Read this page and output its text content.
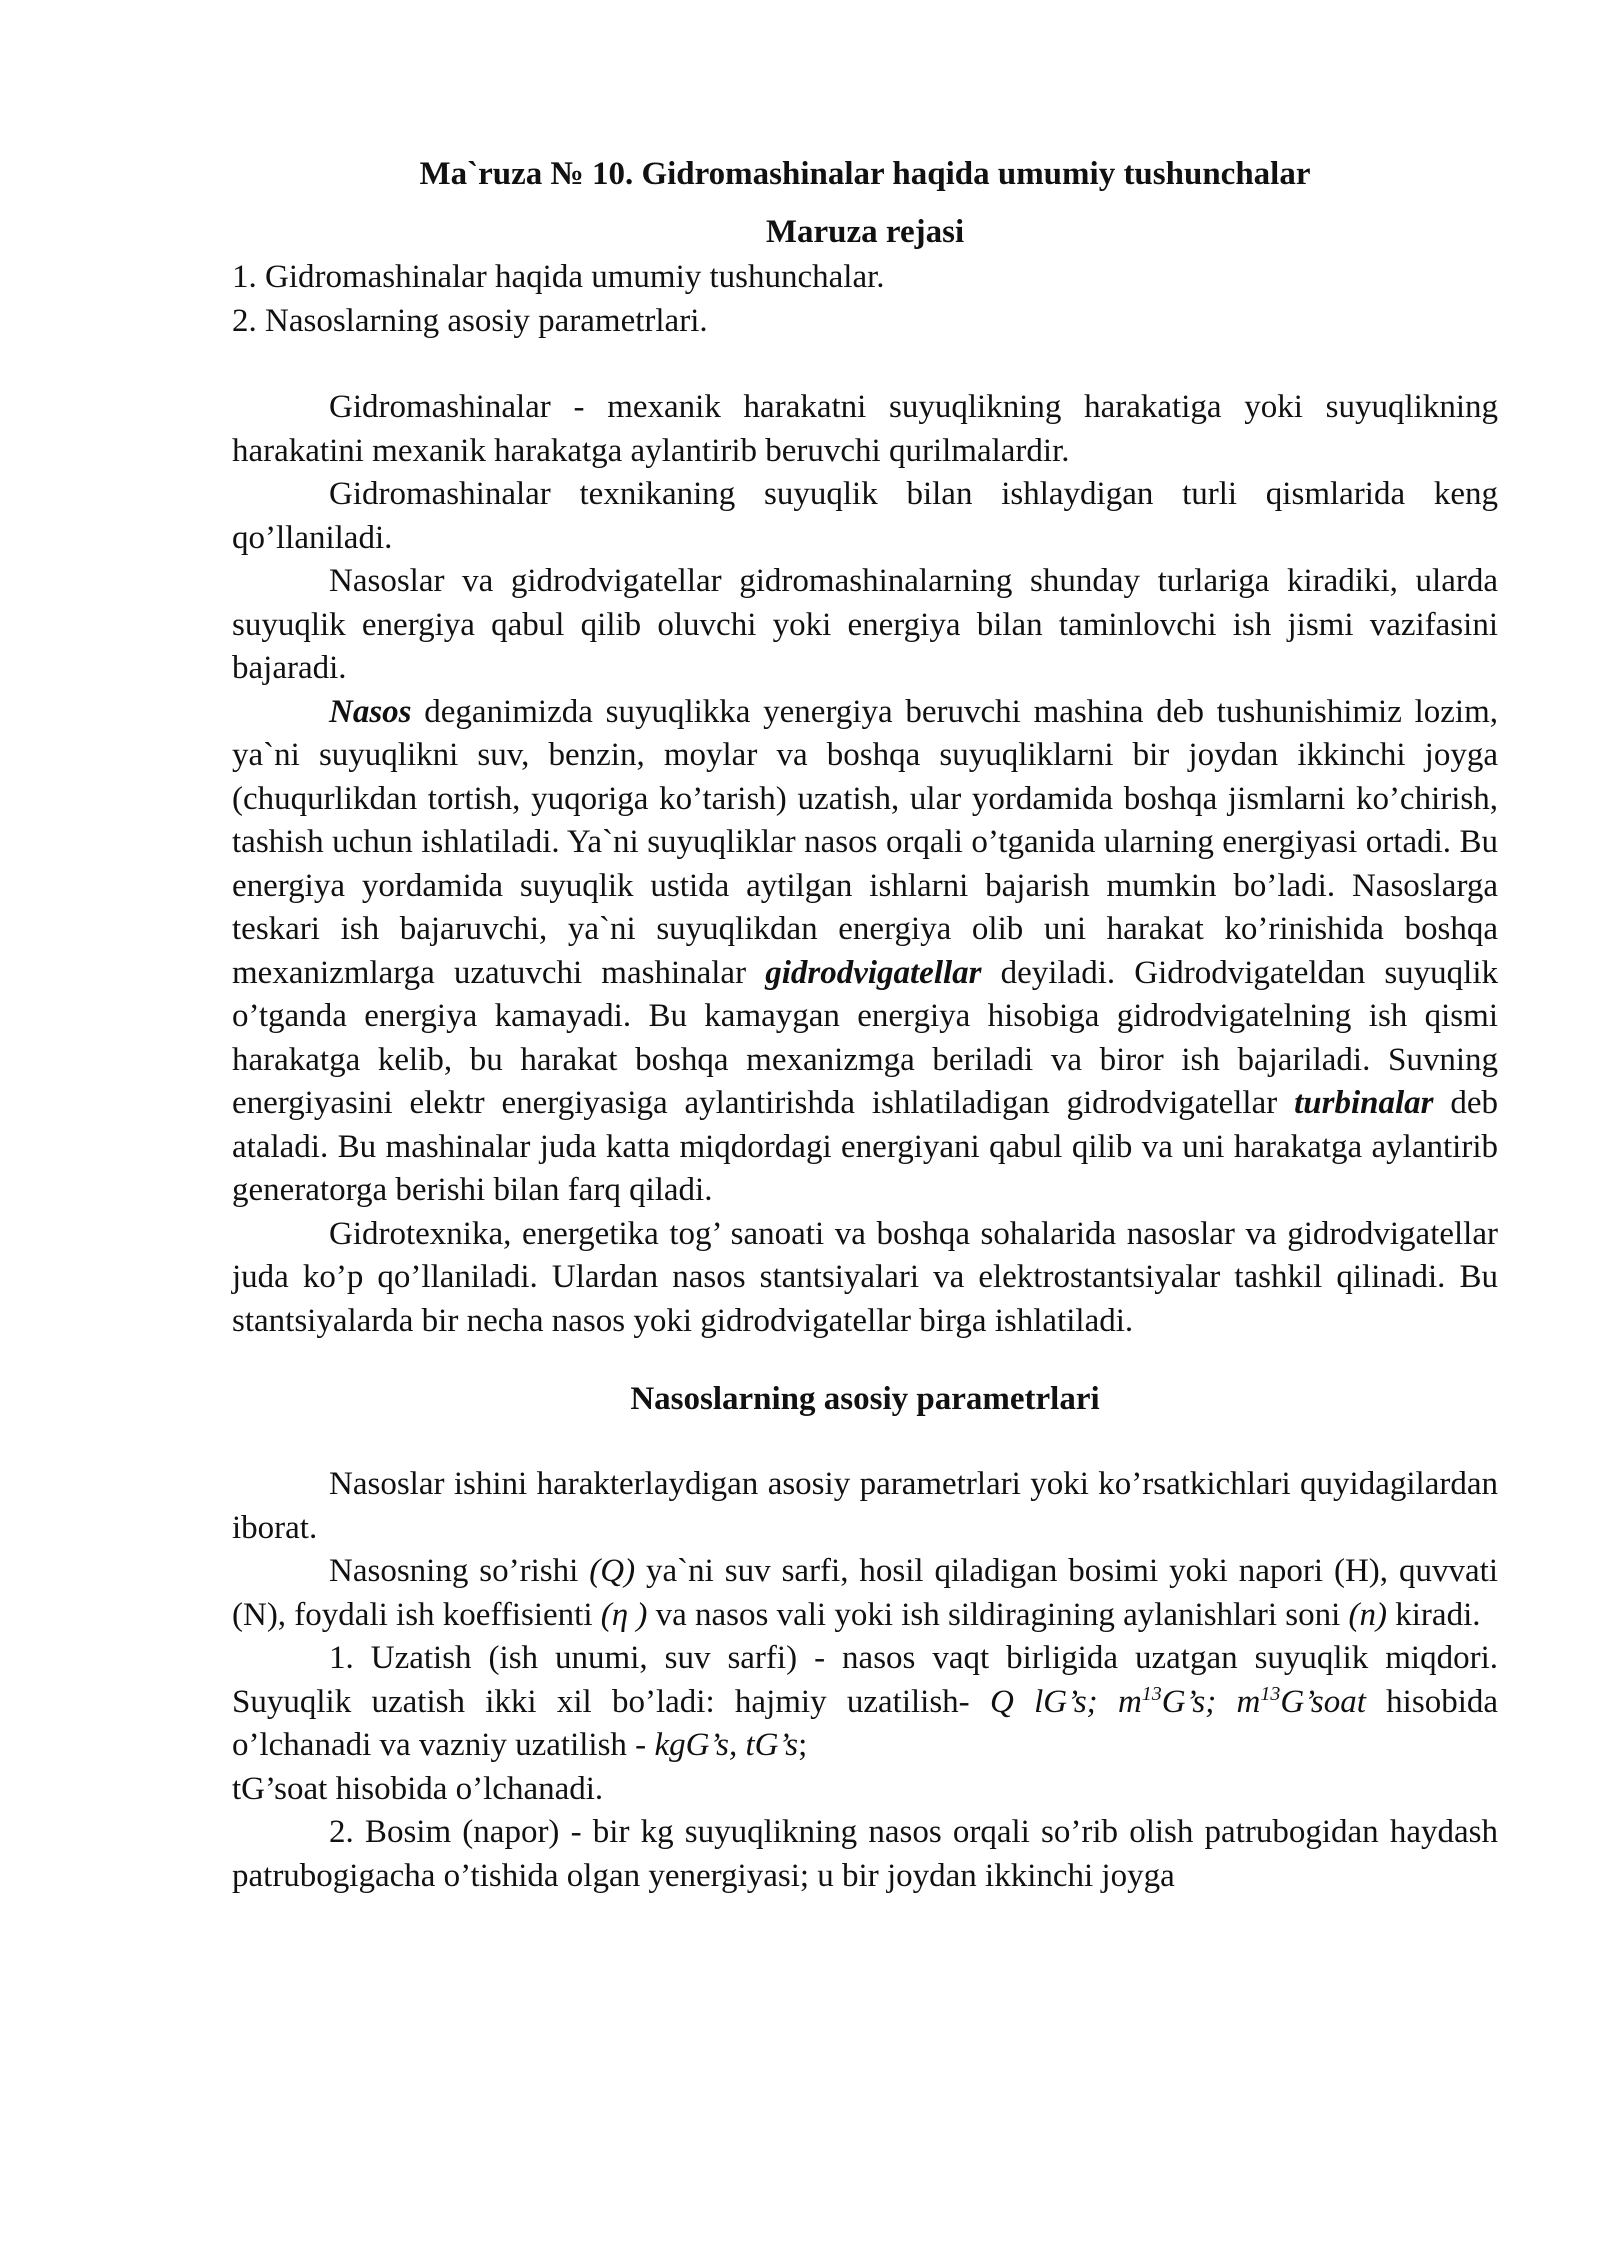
Ma`ruza № 10. Gidromashinalar haqida umumiy tushunchalar
Maruza rejasi
1. Gidromashinalar haqida umumiy tushunchalar.
2. Nasoslarning asosiy parametrlari.

Gidromashinalar - mexanik harakatni suyuqlikning harakatiga yoki suyuqlikning harakatini mexanik harakatga aylantirib beruvchi qurilmalardir.

Gidromashinalar texnikaning suyuqlik bilan ishlaydigan turli qismlarida keng qo’llaniladi.

Nasoslar va gidrodvigatellar gidromashinalarning shunday turlariga kiradiki, ularda suyuqlik energiya qabul qilib oluvchi yoki energiya bilan taminlovchi ish jismi vazifasini bajaradi.

Nasos deganimizda suyuqlikka yenergiya beruvchi mashina deb tushunishimiz lozim, ya`ni suyuqlikni suv, benzin, moylar va boshqa suyuqliklarni bir joydan ikkinchi joyga (chuqurlikdan tortish, yuqoriga ko’tarish) uzatish, ular yordamida boshqa jismlarni ko’chirish, tashish uchun ishlatiladi. Ya`ni suyuqliklar nasos orqali o’tganida ularning energiyasi ortadi. Bu energiya yordamida suyuqlik ustida aytilgan ishlarni bajarish mumkin bo’ladi. Nasoslarga teskari ish bajaruvchi, ya`ni suyuqlikdan energiya olib uni harakat ko’rinishida boshqa mexanizmlarga uzatuvchi mashinalar gidrodvigatellar deyiladi. Gidrodvigateldan suyuqlik o’tganda energiya kamayadi. Bu kamaygan energiya hisobiga gidrodvigatelning ish qismi harakatga kelib, bu harakat boshqa mexanizmga beriladi va biror ish bajariladi. Suvning energiyasini elektr energiyasiga aylantirishda ishlatiladigan gidrodvigatellar turbinalar deb ataladi. Bu mashinalar juda katta miqdordagi energiyani qabul qilib va uni harakatga aylantirib generatorga berishi bilan farq qiladi.

Gidrotexnika, energetika tog’ sanoati va boshqa sohalarida nasoslar va gidrodvigatellar juda ko’p qo’llaniladi. Ulardan nasos stantsiyalari va elektrostantsiyalar tashkil qilinadi. Bu stantsiyalarda bir necha nasos yoki gidrodvigatellar birga ishlatiladi.

Nasoslarning asosiy parametrlari

Nasoslar ishini harakterlaydigan asosiy parametrlari yoki ko’rsatkichlari quyidagilardan iborat.

Nasosning so’rishi (Q) ya`ni suv sarfi, hosil qiladigan bosimi yoki napori (H), quvvati (N), foydali ish koeffisienti (η ) va nasos vali yoki ish sildiragining aylanishlari soni (n) kiradi.

1. Uzatish (ish unumi, suv sarfi) - nasos vaqt birligida uzatgan suyuqlik miqdori. Suyuqlik uzatish ikki xil bo’ladi: hajmiy uzatilish- Q lG’s; $m^{13}G’s$; $m^{13}G’soat$ hisobida o’lchanadi va vazniy uzatilish - kgG’s, tG’s;
tG’soat hisobida o’lchanadi.

2. Bosim (napor) - bir kg suyuqlikning nasos orqali so’rib olish patrubogidan haydash patrubogigacha o’tishida olgan yenergiyasi; u bir joydan ikkinchi joyga
